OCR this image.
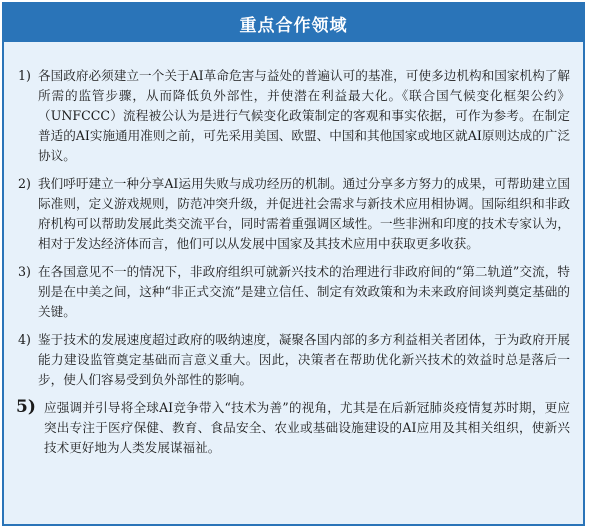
重点合作领域
1) 各国政府必须建立一个关于AI革命危害与益处的普遍认可的基准，可使多边机构和国家机构了解所需的监管步骤，从而降低负外部性，并使潜在利益最大化。《联合国气候变化框架公约》（UNFCCC）流程被公认为是进行气候变化政策制定的客观和事实依据，可作为参考。在制定普适的AI实施通用准则之前，可先采用美国、欧盟、中国和其他国家或地区就AI原则达成的广泛协议。
2) 我们呼吁建立一种分享AI运用失败与成功经历的机制。通过分享多方努力的成果，可帮助建立国际准则，定义游戏规则，防范冲突升级，并促进社会需求与新技术应用相协调。国际组织和非政府机构可以帮助发展此类交流平台，同时需着重强调区域性。一些非洲和印度的技术专家认为，相对于发达经济体而言，他们可以从发展中国家及其技术应用中获取更多收获。
3) 在各国意见不一的情况下，非政府组织可就新兴技术的治理进行非政府间的“第二轨道”交流，特别是在中美之间，这种“非正式交流”是建立信任、制定有效政策和为未来政府间谈判奠定基础的关键。
4) 鉴于技术的发展速度超过政府的吸纳速度，凝聚各国内部的多方利益相关者团体，于为政府开展能力建设监管奠定基础而言意义重大。因此，决策者在帮助优化新兴技术的效益时总是落后一步，使人们容易受到负外部性的影响。
5) 应强调并引导将全球AI竞争带入“技术为善”的视角，尤其是在后新冠肺炎疫情复苏时期，更应突出专注于医疗保健、教育、食品安全、农业或基础设施建设的AI应用及其相关组织，使新兴技术更好地为人类发展谋福祉。
